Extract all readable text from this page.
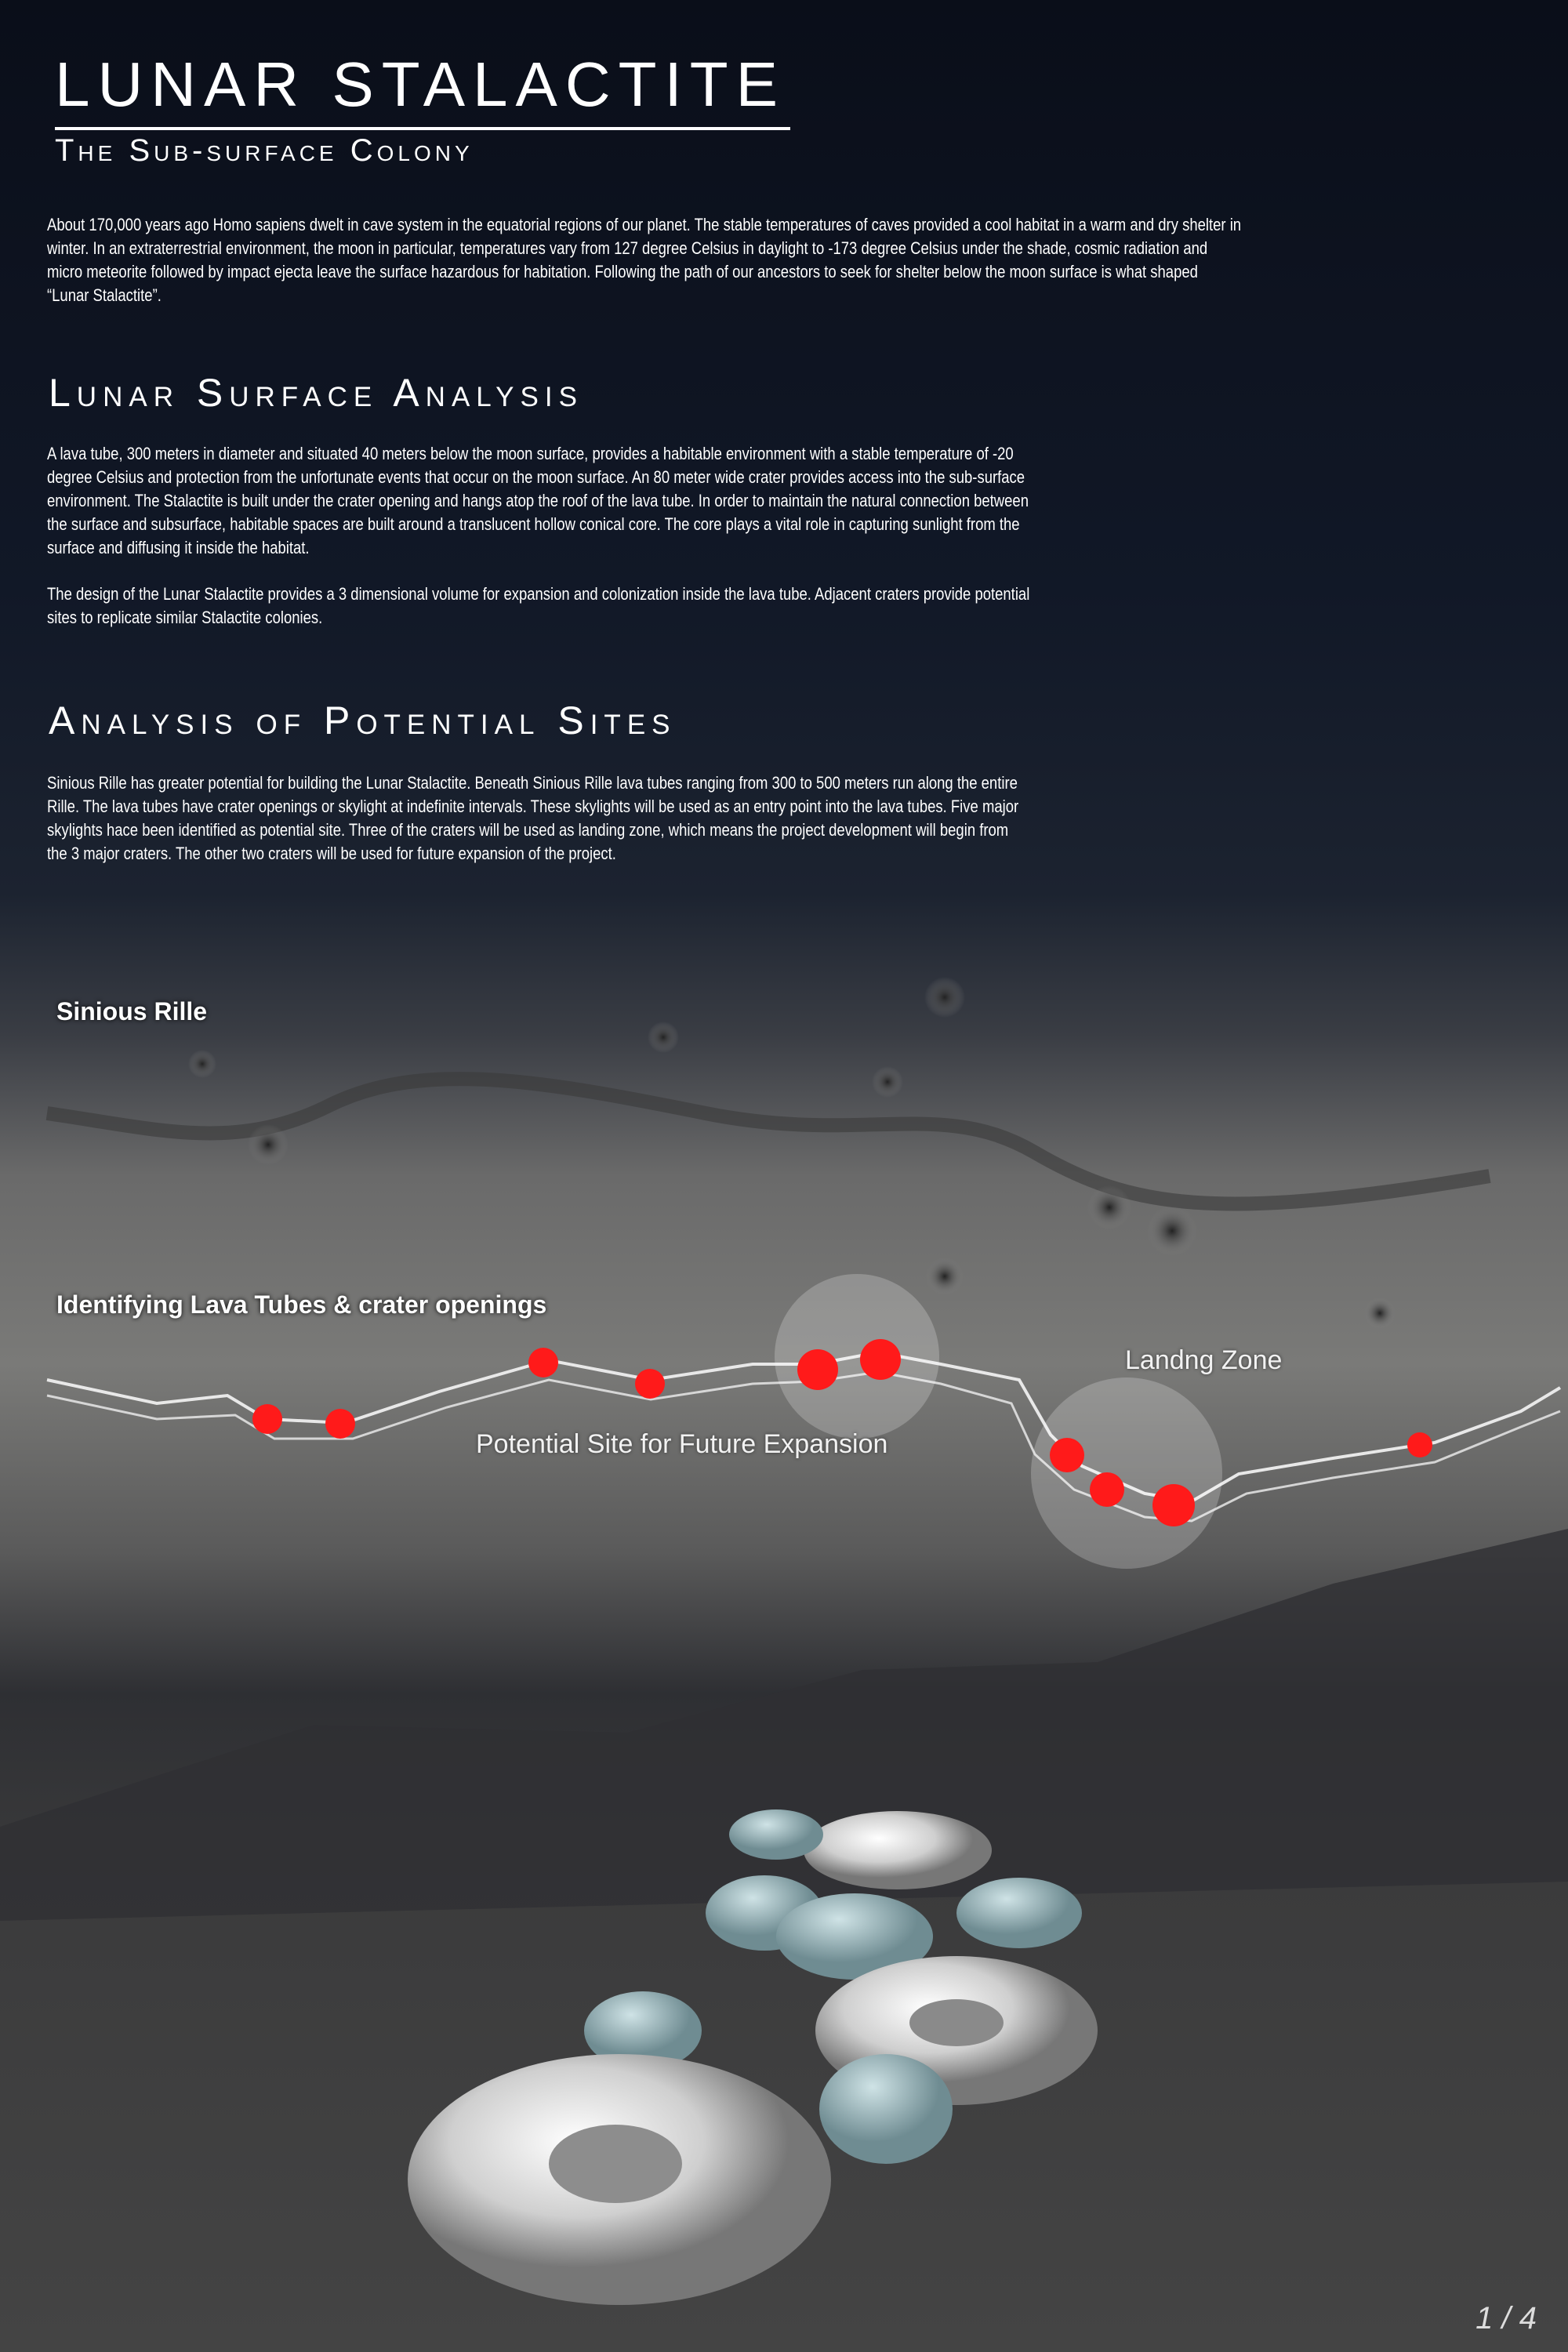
LUNAR STALACTITE
The Sub-surface Colony
About 170,000 years ago Homo sapiens dwelt in cave system in the equatorial regions of our planet. The stable temperatures of caves provided a cool habitat in a warm and dry shelter in
winter. In an extraterrestrial environment, the moon in particular, temperatures vary from 127 degree Celsius in daylight to -173 degree Celsius under the shade, cosmic radiation and
micro meteorite followed by impact ejecta leave the surface hazardous for habitation. Following the path of our ancestors to seek for shelter below the moon surface is what shaped
“Lunar Stalactite”.
Lunar Surface Analysis
A lava tube, 300 meters in diameter and situated 40 meters below the moon surface, provides a habitable environment with a stable temperature of -20
degree Celsius and protection from the unfortunate events that occur on the moon surface. An 80 meter wide crater provides access into the sub-surface
environment. The Stalactite is built under the crater opening and hangs atop the roof of the lava tube. In order to maintain the natural connection between
the surface and subsurface, habitable spaces are built around a translucent hollow conical core. The core plays a vital role in capturing sunlight from the
surface and diffusing it inside the habitat.
The design of the Lunar Stalactite provides a 3 dimensional volume for expansion and colonization inside the lava tube. Adjacent craters provide potential
sites to replicate similar Stalactite colonies.
Analysis of Potential Sites
Sinious Rille has greater potential for building the Lunar Stalactite. Beneath Sinious Rille lava tubes ranging from 300 to 500 meters run along the entire
Rille. The lava tubes have crater openings or skylight at indefinite intervals. These skylights will be used as an entry point into the lava tubes. Five major
skylights hace been identified as potential site. Three of the craters will be used as landing zone, which means the project development will begin from
the 3 major craters. The other two craters will be used for future expansion of the project.
Sinious Rille
Identifying Lava Tubes & crater openings
Landng Zone
Potential Site for Future Expansion
1 / 4
